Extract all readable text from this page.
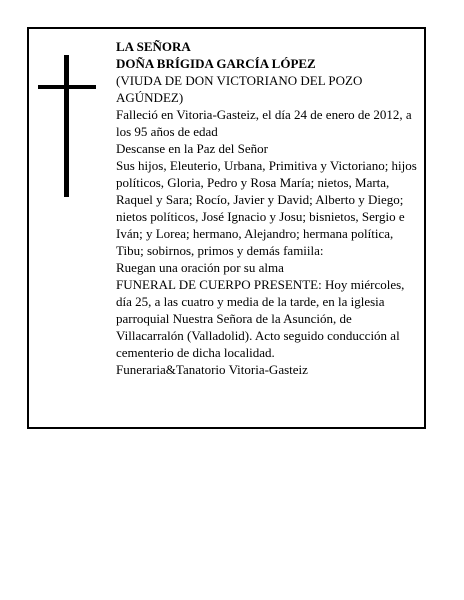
LA SEÑORA

DOÑA BRÍGIDA GARCÍA LÓPEZ

(VIUDA DE DON VICTORIANO DEL POZO AGÚNDEZ)

Falleció en Vitoria-Gasteiz, el día 24 de enero de 2012, a los 95 años de edad

Descanse en la Paz del Señor

Sus hijos, Eleuterio, Urbana, Primitiva y Victoriano; hijos políticos, Gloria, Pedro y Rosa María; nietos, Marta, Raquel y Sara; Rocío, Javier y David; Alberto y Diego; nietos políticos, José Ignacio y Josu; bisnietos, Sergio e Iván; y Lorea; hermano, Alejandro; hermana política, Tibu; sobirnos, primos y demás famiila:

Ruegan una oración por su alma

FUNERAL DE CUERPO PRESENTE: Hoy miércoles, día 25, a las cuatro y media de la tarde, en la iglesia parroquial Nuestra Señora de la Asunción, de Villacarralón (Valladolid). Acto seguido conducción al cementerio de dicha localidad.

Funeraria&Tanatorio Vitoria-Gasteiz
